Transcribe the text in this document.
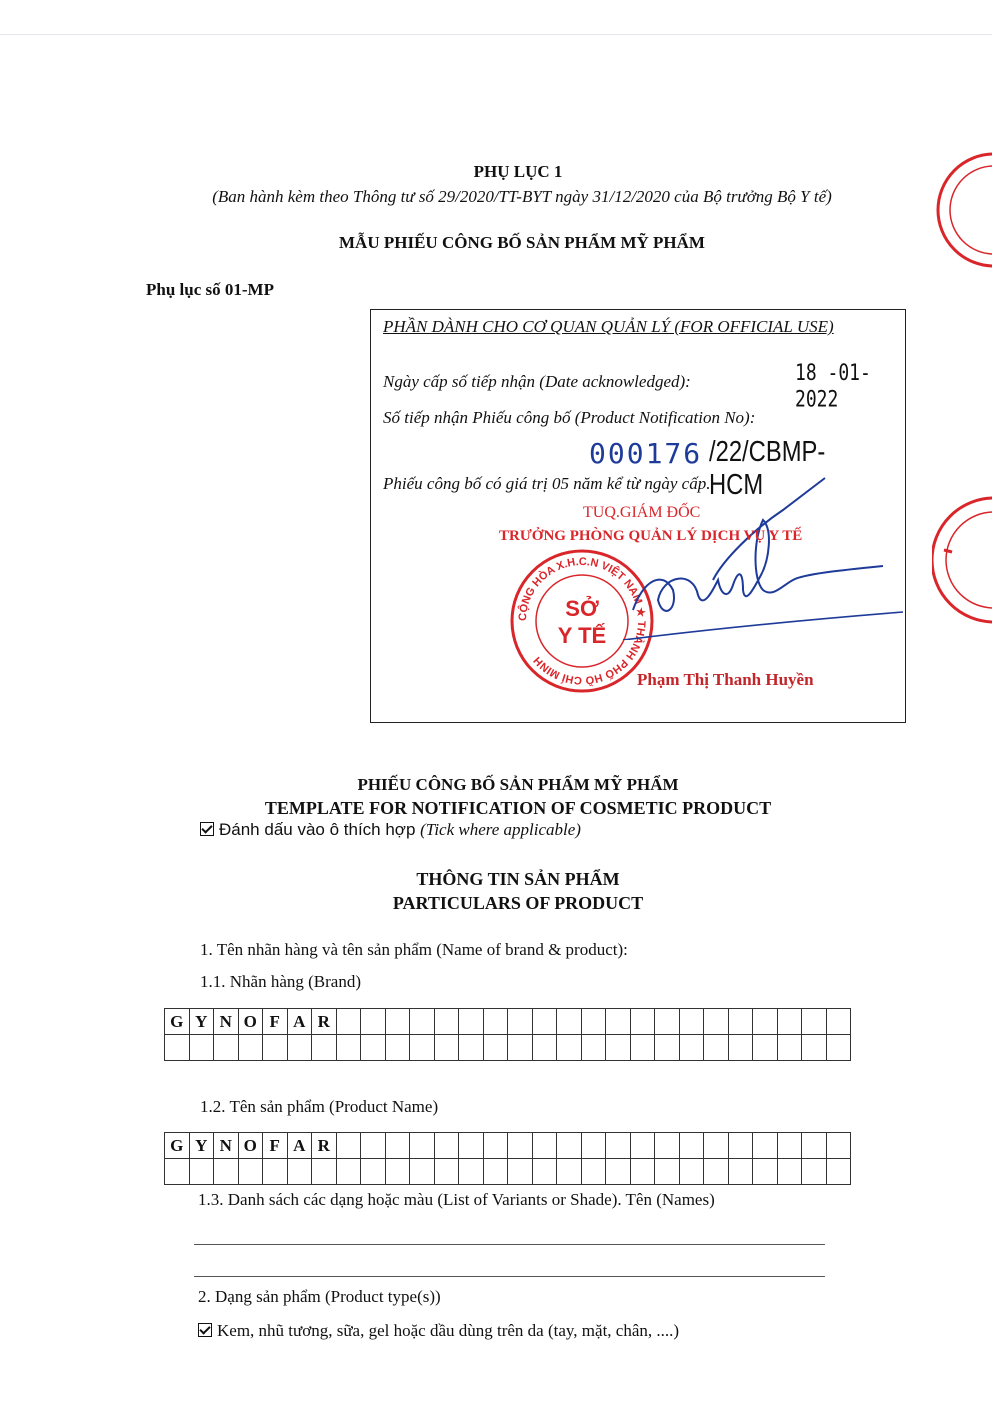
PHỤ LỤC 1
(Ban hành kèm theo Thông tư số 29/2020/TT-BYT ngày 31/12/2020 của Bộ trưởng Bộ Y tế)
MẪU PHIẾU CÔNG BỐ SẢN PHẨM MỸ PHẨM
Phụ lục số 01-MP
PHẦN DÀNH CHO CƠ QUAN QUẢN LÝ (FOR OFFICIAL USE)
Ngày cấp số tiếp nhận (Date acknowledged):	18 -01- 2022
Số tiếp nhận Phiếu công bố (Product Notification No):
000176 /22/CBMP-HCM
Phiếu công bố có giá trị 05 năm kể từ ngày cấp.
CỘNG HÒA X.H.C.N VIỆT NAM ★ THÀNH PHỐ HỒ CHÍ MINH
SỞ
Y TẾ
TUQ.GIÁM ĐỐC
TRƯỞNG PHÒNG QUẢN LÝ DỊCH VỤ Y TẾ
Phạm Thị Thanh Huyền
PHIẾU CÔNG BỐ SẢN PHẨM MỸ PHẨM
TEMPLATE FOR NOTIFICATION OF COSMETIC PRODUCT
Đánh dấu vào ô thích hợp (Tick where applicable)
THÔNG TIN SẢN PHẨM
PARTICULARS OF PRODUCT
1. Tên nhãn hàng và tên sản phẩm (Name of brand & product):
1.1. Nhãn hàng (Brand)
G	Y	N	O	F	A	R																					

1.2. Tên sản phẩm (Product Name)
G	Y	N	O	F	A	R																					

1.3. Danh sách các dạng hoặc màu (List of Variants or Shade). Tên (Names)
2. Dạng sản phẩm (Product type(s))
Kem, nhũ tương, sữa, gel hoặc dầu dùng trên da (tay, mặt, chân, ....)
